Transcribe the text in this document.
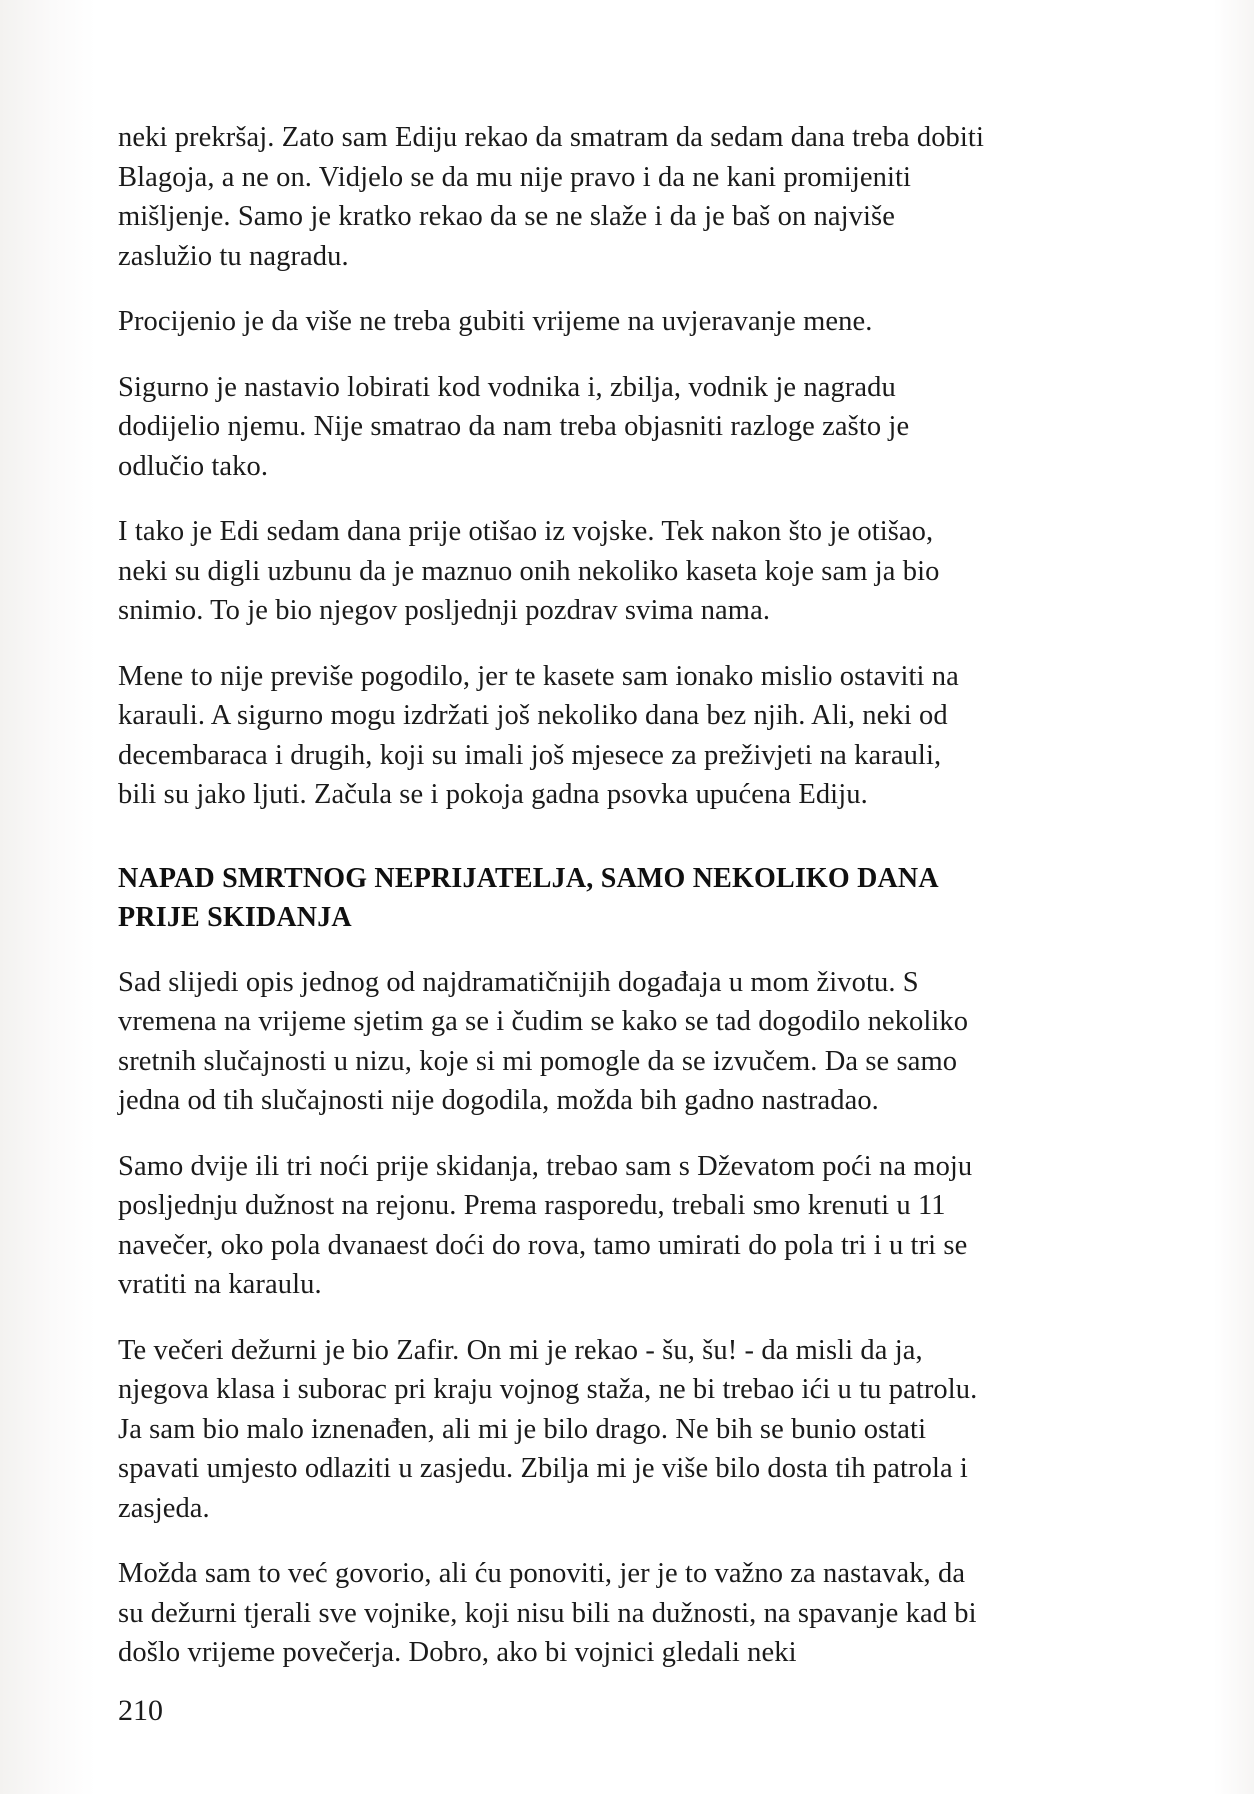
neki prekršaj. Zato sam Ediju rekao da smatram da sedam dana treba dobiti Blagoja, a ne on. Vidjelo se da mu nije pravo i da ne kani promijeniti mišljenje. Samo je kratko rekao da se ne slaže i da je baš on najviše zaslužio tu nagradu.

Procijenio je da više ne treba gubiti vrijeme na uvjeravanje mene.

Sigurno je nastavio lobirati kod vodnika i, zbilja, vodnik je nagradu dodijelio njemu. Nije smatrao da nam treba objasniti razloge zašto je odlučio tako.

I tako je Edi sedam dana prije otišao iz vojske. Tek nakon što je otišao, neki su digli uzbunu da je maznuo onih nekoliko kaseta koje sam ja bio snimio. To je bio njegov posljednji pozdrav svima nama.

Mene to nije previše pogodilo, jer te kasete sam ionako mislio ostaviti na karauli. A sigurno mogu izdržati još nekoliko dana bez njih. Ali, neki od decembaraca i drugih, koji su imali još mjesece za preživjeti na karauli, bili su jako ljuti. Začula se i pokoja gadna psovka upućena Ediju.

NAPAD SMRTNOG NEPRIJATELJA, SAMO NEKOLIKO DANA PRIJE SKIDANJA

Sad slijedi opis jednog od najdramatičnijih događaja u mom životu. S vremena na vrijeme sjetim ga se i čudim se kako se tad dogodilo nekoliko sretnih slučajnosti u nizu, koje si mi pomogle da se izvučem. Da se samo jedna od tih slučajnosti nije dogodila, možda bih gadno nastradao.

Samo dvije ili tri noći prije skidanja, trebao sam s Dževatom poći na moju posljednju dužnost na rejonu. Prema rasporedu, trebali smo krenuti u 11 navečer, oko pola dvanaest doći do rova, tamo umirati do pola tri i u tri se vratiti na karaulu.

Te večeri dežurni je bio Zafir. On mi je rekao - šu, šu! - da misli da ja, njegova klasa i suborac pri kraju vojnog staža, ne bi trebao ići u tu patrolu. Ja sam bio malo iznenađen, ali mi je bilo drago. Ne bih se bunio ostati spavati umjesto odlaziti u zasjedu. Zbilja mi je više bilo dosta tih patrola i zasjeda.

Možda sam to već govorio, ali ću ponoviti, jer je to važno za nastavak, da su dežurni tjerali sve vojnike, koji nisu bili na dužnosti, na spavanje kad bi došlo vrijeme povečerja. Dobro, ako bi vojnici gledali neki

210
